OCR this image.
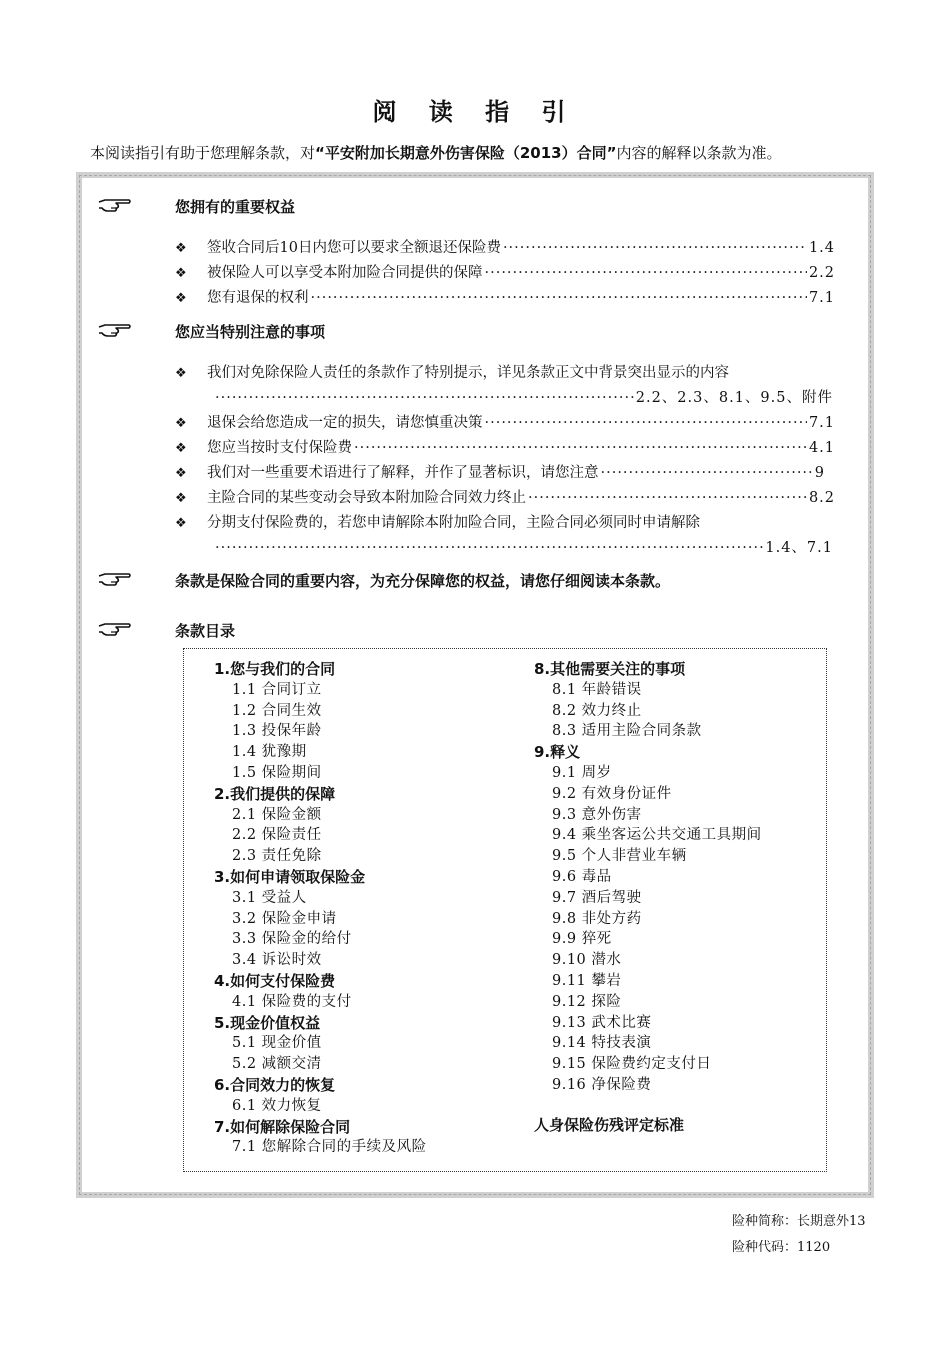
阅 读 指 引
本阅读指引有助于您理解条款，对“平安附加长期意外伤害保险（2013）合同”内容的解释以条款为准。
您拥有的重要权益
❖	签收合同后10日内您可以要求全额退还保险费 ·····	1.4
❖	被保险人可以享受本附加险合同提供的保障 ·····	2.2
❖	您有退保的权利 ·····	7.1
您应当特别注意的事项
❖	我们对免除保险人责任的条款作了特别提示，详见条款正文中背景突出显示的内容
·····
2.2、2.3、8.1、9.5、附件
❖	退保会给您造成一定的损失，请您慎重决策 ·····	7.1
❖	您应当按时支付保险费 ·····	4.1
❖	我们对一些重要术语进行了解释，并作了显著标识，请您注意 ·····	9
❖	主险合同的某些变动会导致本附加险合同效力终止 ·····	8.2
❖	分期支付保险费的，若您申请解除本附加险合同，主险合同必须同时申请解除
·····
1.4、7.1
条款是保险合同的重要内容，为充分保障您的权益，请您仔细阅读本条款。
条款目录
1.您与我们的合同
1.1 合同订立
1.2 合同生效
1.3 投保年龄
1.4 犹豫期
1.5 保险期间
2.我们提供的保障
2.1 保险金额
2.2 保险责任
2.3 责任免除
3.如何申请领取保险金
3.1 受益人
3.2 保险金申请
3.3 保险金的给付
3.4 诉讼时效
4.如何支付保险费
4.1 保险费的支付
5.现金价值权益
5.1 现金价值
5.2 减额交清
6.合同效力的恢复
6.1 效力恢复
7.如何解除保险合同
7.1 您解除合同的手续及风险
8.其他需要关注的事项
8.1 年龄错误
8.2 效力终止
8.3 适用主险合同条款
9.释义
9.1 周岁
9.2 有效身份证件
9.3 意外伤害
9.4 乘坐客运公共交通工具期间
9.5 个人非营业车辆
9.6 毒品
9.7 酒后驾驶
9.8 非处方药
9.9 猝死
9.10 潜水
9.11 攀岩
9.12 探险
9.13 武术比赛
9.14 特技表演
9.15 保险费约定支付日
9.16 净保险费
人身保险伤残评定标准
险种简称：长期意外13
险种代码：1120
